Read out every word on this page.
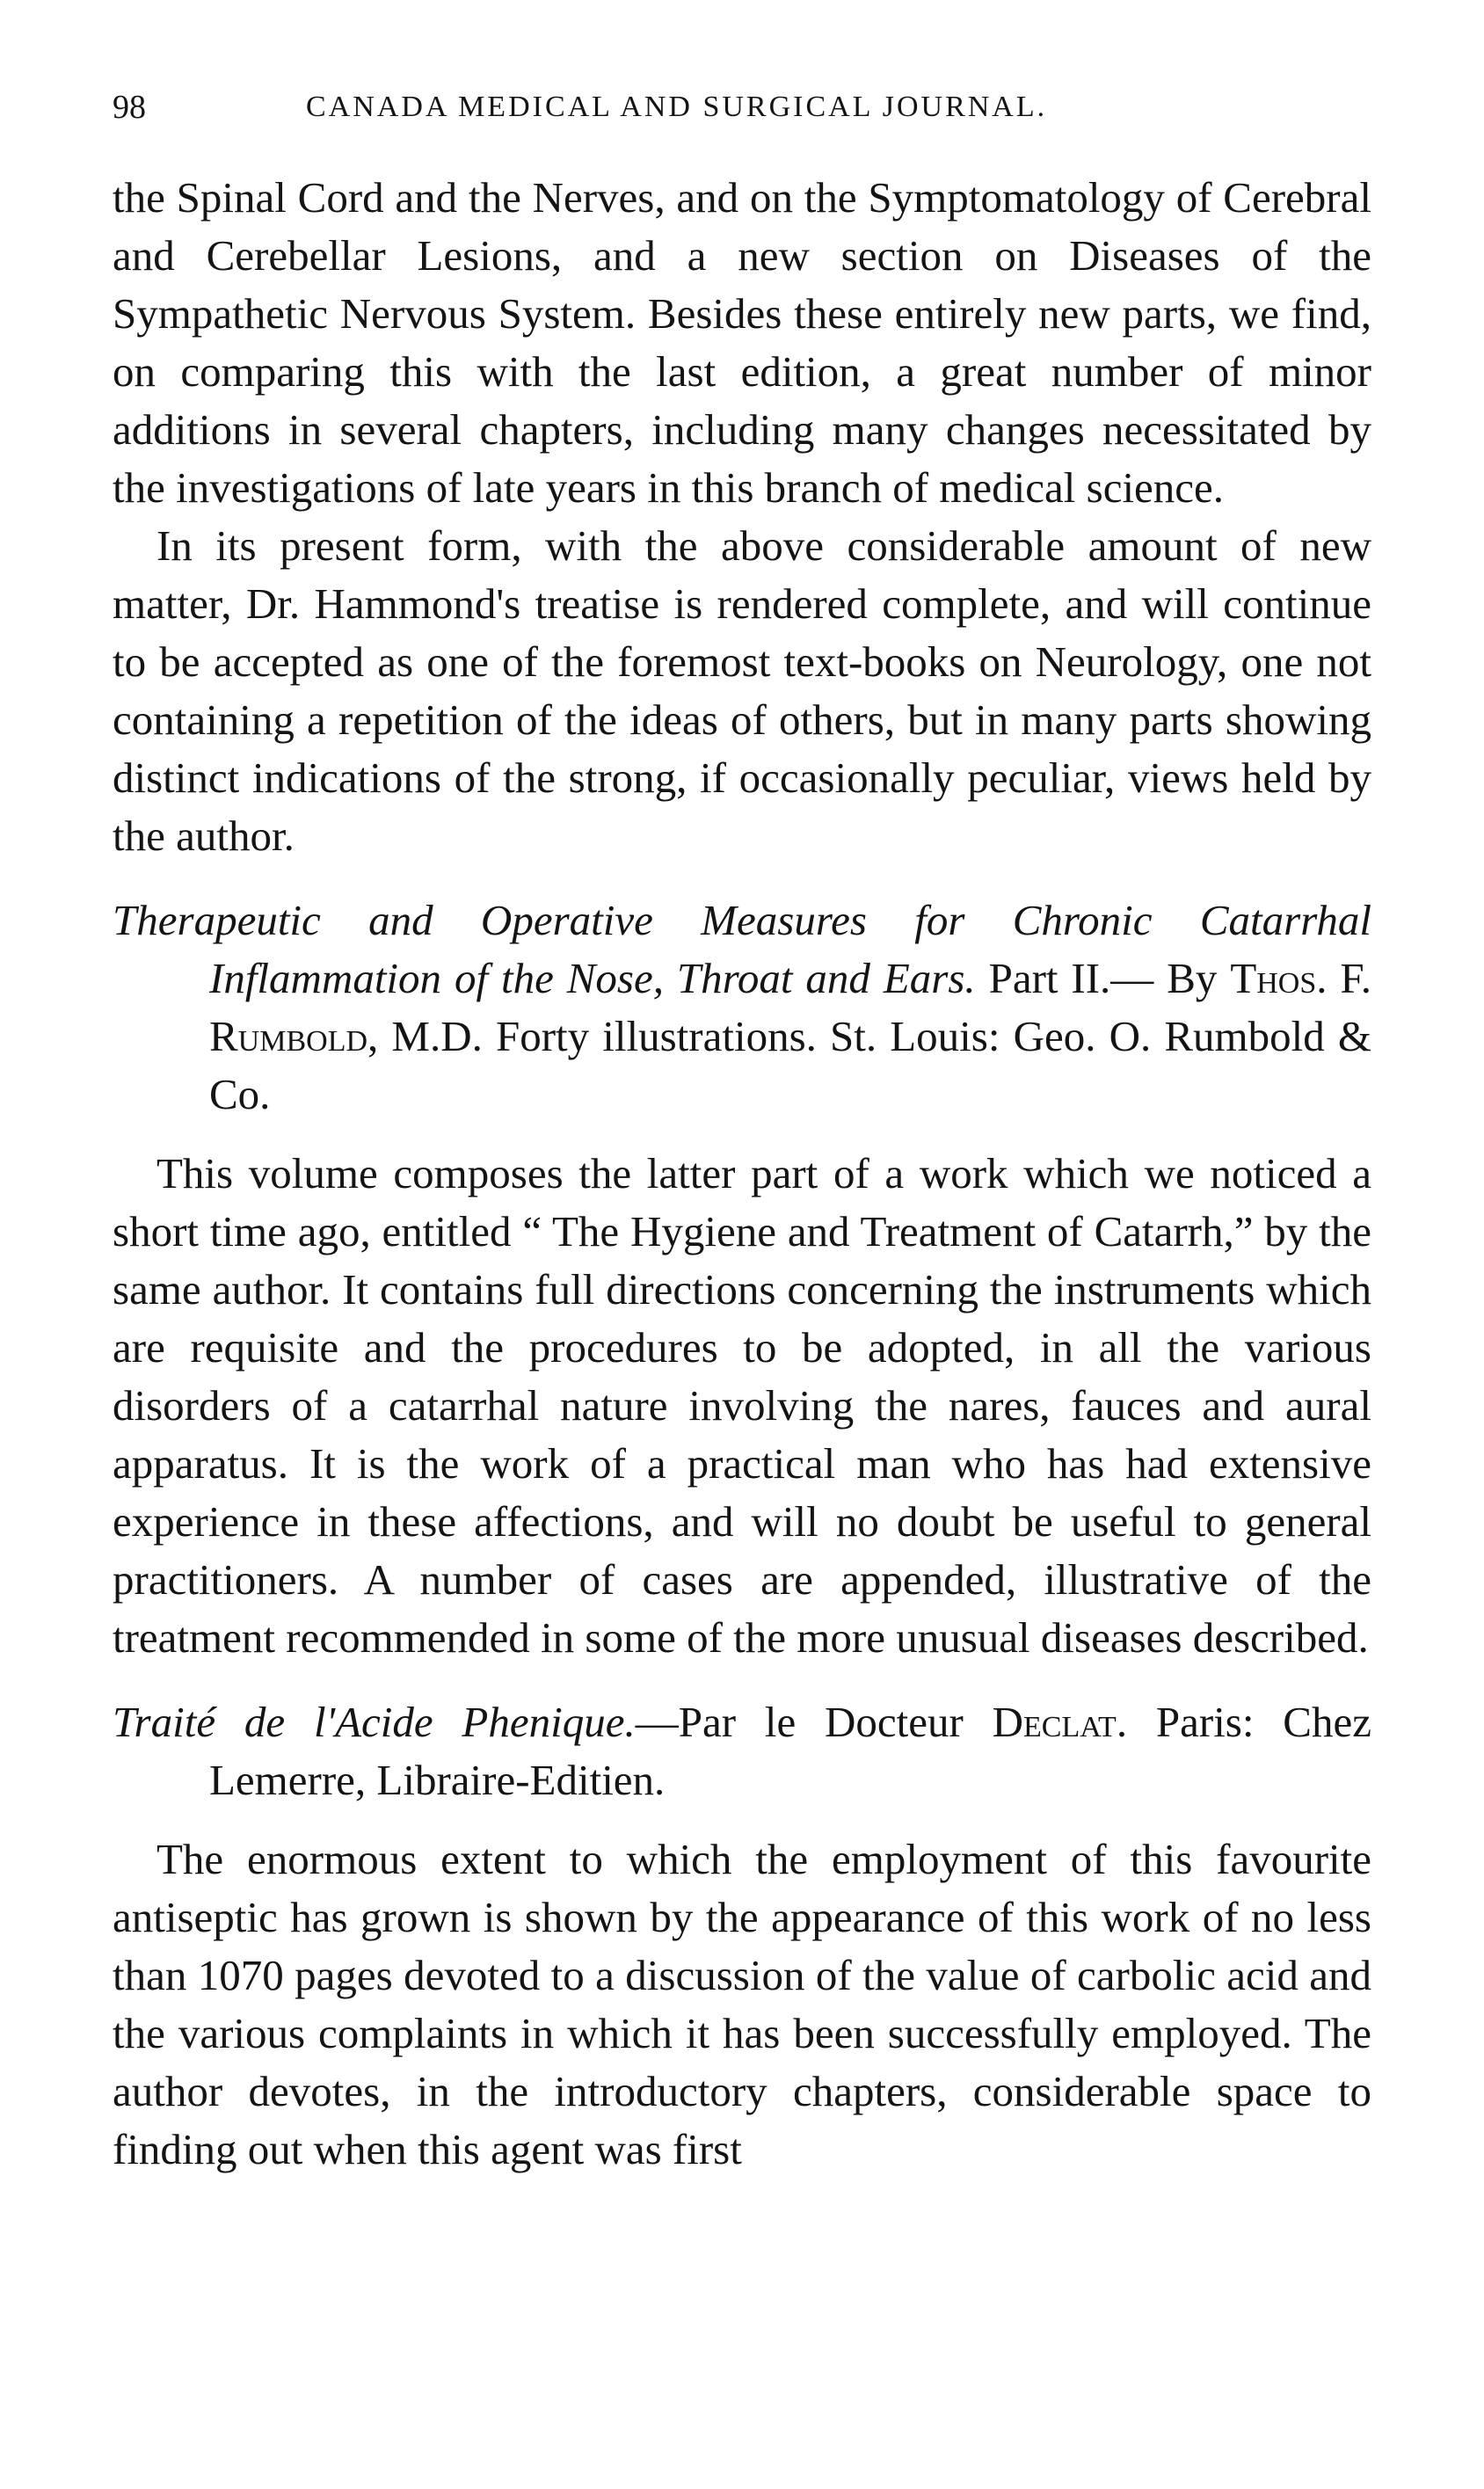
98	CANADA MEDICAL AND SURGICAL JOURNAL.

the Spinal Cord and the Nerves, and on the Symptomatology of Cerebral and Cerebellar Lesions, and a new section on Diseases of the Sympathetic Nervous System. Besides these entirely new parts, we find, on comparing this with the last edition, a great number of minor additions in several chapters, including many changes necessitated by the investigations of late years in this branch of medical science.

In its present form, with the above considerable amount of new matter, Dr. Hammond's treatise is rendered complete, and will continue to be accepted as one of the foremost text-books on Neurology, one not containing a repetition of the ideas of others, but in many parts showing distinct indications of the strong, if occasionally peculiar, views held by the author.

Therapeutic and Operative Measures for Chronic Catarrhal Inflammation of the Nose, Throat and Ears. Part II.— By Thos. F. Rumbold, M.D. Forty illustrations. St. Louis: Geo. O. Rumbold & Co.

This volume composes the latter part of a work which we noticed a short time ago, entitled “ The Hygiene and Treatment of Catarrh,” by the same author. It contains full directions concerning the instruments which are requisite and the procedures to be adopted, in all the various disorders of a catarrhal nature involving the nares, fauces and aural apparatus. It is the work of a practical man who has had extensive experience in these affections, and will no doubt be useful to general practitioners. A number of cases are appended, illustrative of the treatment recommended in some of the more unusual diseases described.

Traité de l'Acide Phenique.—Par le Docteur Declat. Paris: Chez Lemerre, Libraire-Editien.

The enormous extent to which the employment of this favourite antiseptic has grown is shown by the appearance of this work of no less than 1070 pages devoted to a discussion of the value of carbolic acid and the various complaints in which it has been successfully employed. The author devotes, in the introductory chapters, considerable space to finding out when this agent was first
